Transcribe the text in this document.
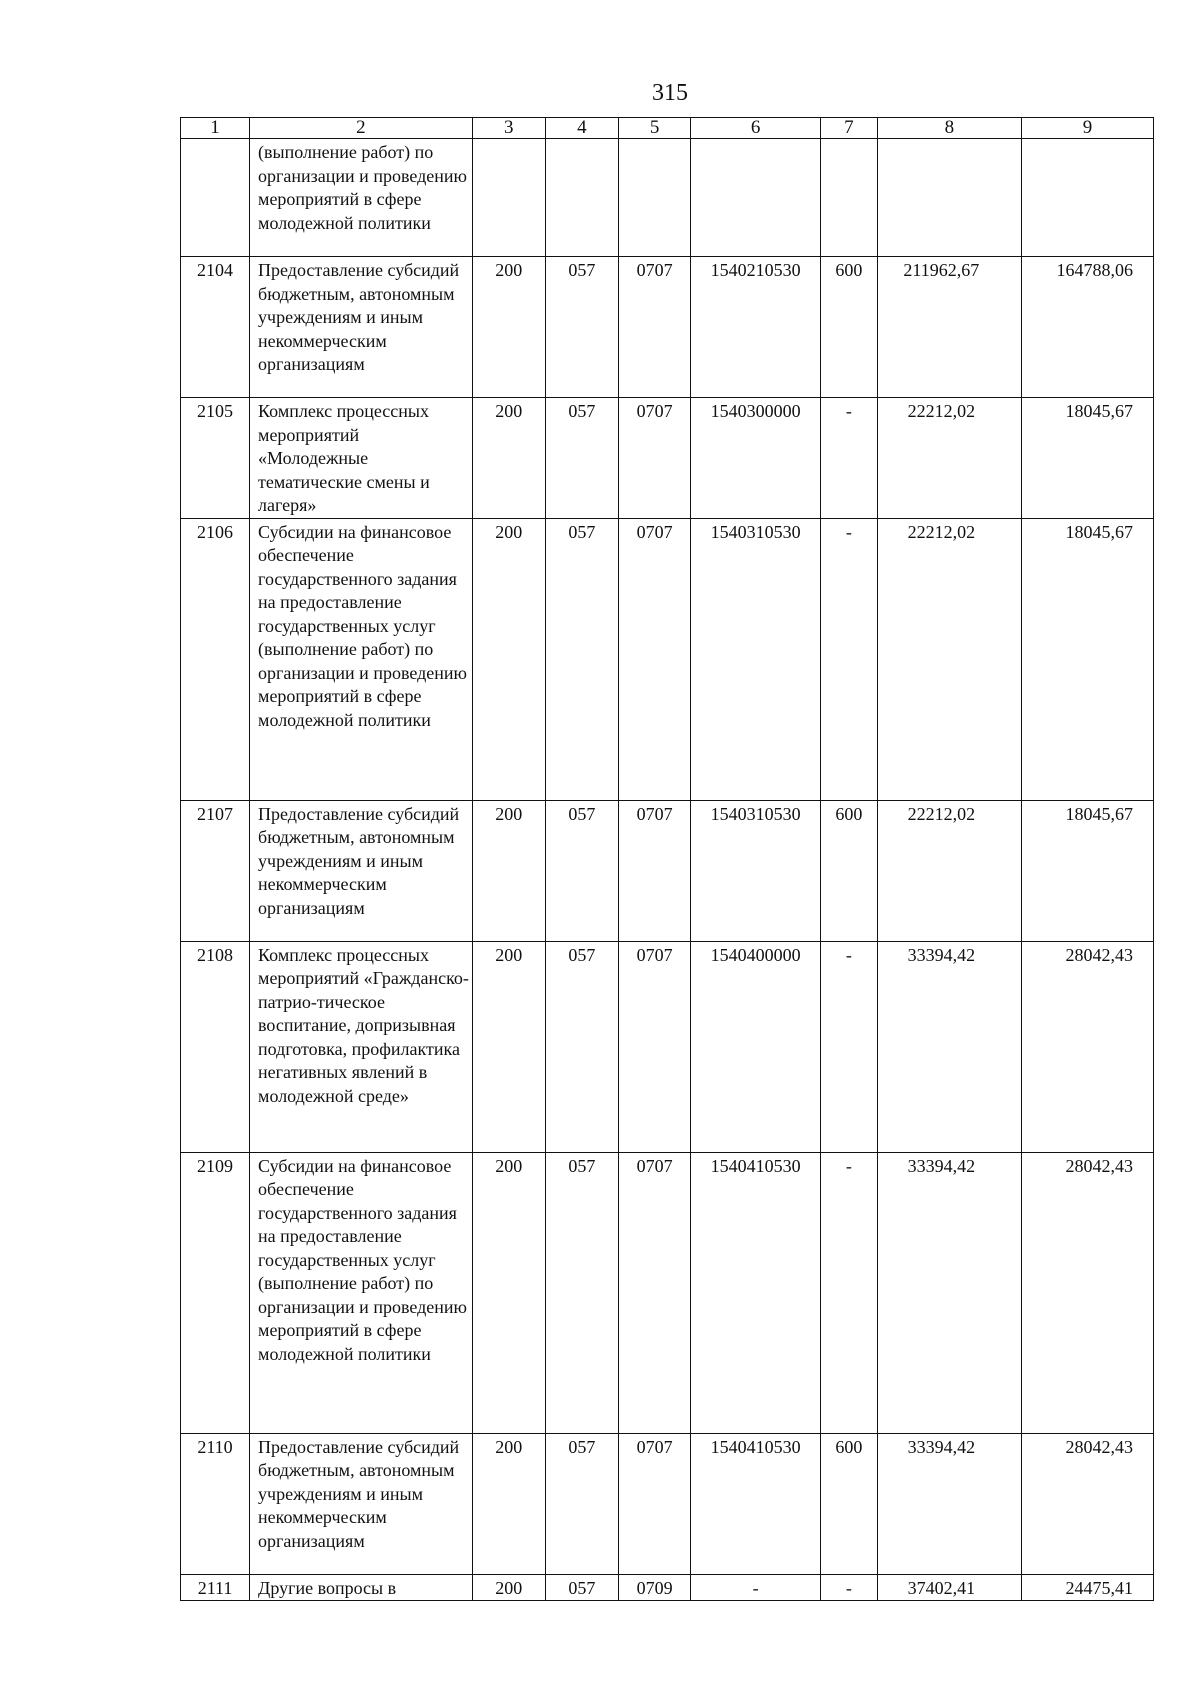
315
1	2	3	4	5	6	7	8	9
	(выполнение работ) по организации и проведению мероприятий в сфере молодежной политики							
2104	Предоставление субсидий бюджетным, автономным учреждениям и иным некоммерческим организациям	200	057	0707	1540210530	600	211962,67	164788,06
2105	Комплекс процессных мероприятий «Молодежные тематические смены и лагеря»	200	057	0707	1540300000	-	22212,02	18045,67
2106	Субсидии на финансовое обеспечение государственного задания на предоставление государственных услуг (выполнение работ) по организации и проведению мероприятий в сфере молодежной политики	200	057	0707	1540310530	-	22212,02	18045,67
2107	Предоставление субсидий бюджетным, автономным учреждениям и иным некоммерческим организациям	200	057	0707	1540310530	600	22212,02	18045,67
2108	Комплекс процессных мероприятий «Гражданско-патрио-тическое воспитание, допризывная подготовка, профилактика негативных явлений в молодежной среде»	200	057	0707	1540400000	-	33394,42	28042,43
2109	Субсидии на финансовое обеспечение государственного задания на предоставление государственных услуг (выполнение работ) по организации и проведению мероприятий в сфере молодежной политики	200	057	0707	1540410530	-	33394,42	28042,43
2110	Предоставление субсидий бюджетным, автономным учреждениям и иным некоммерческим организациям	200	057	0707	1540410530	600	33394,42	28042,43
2111	Другие вопросы в	200	057	0709	-	-	37402,41	24475,41
